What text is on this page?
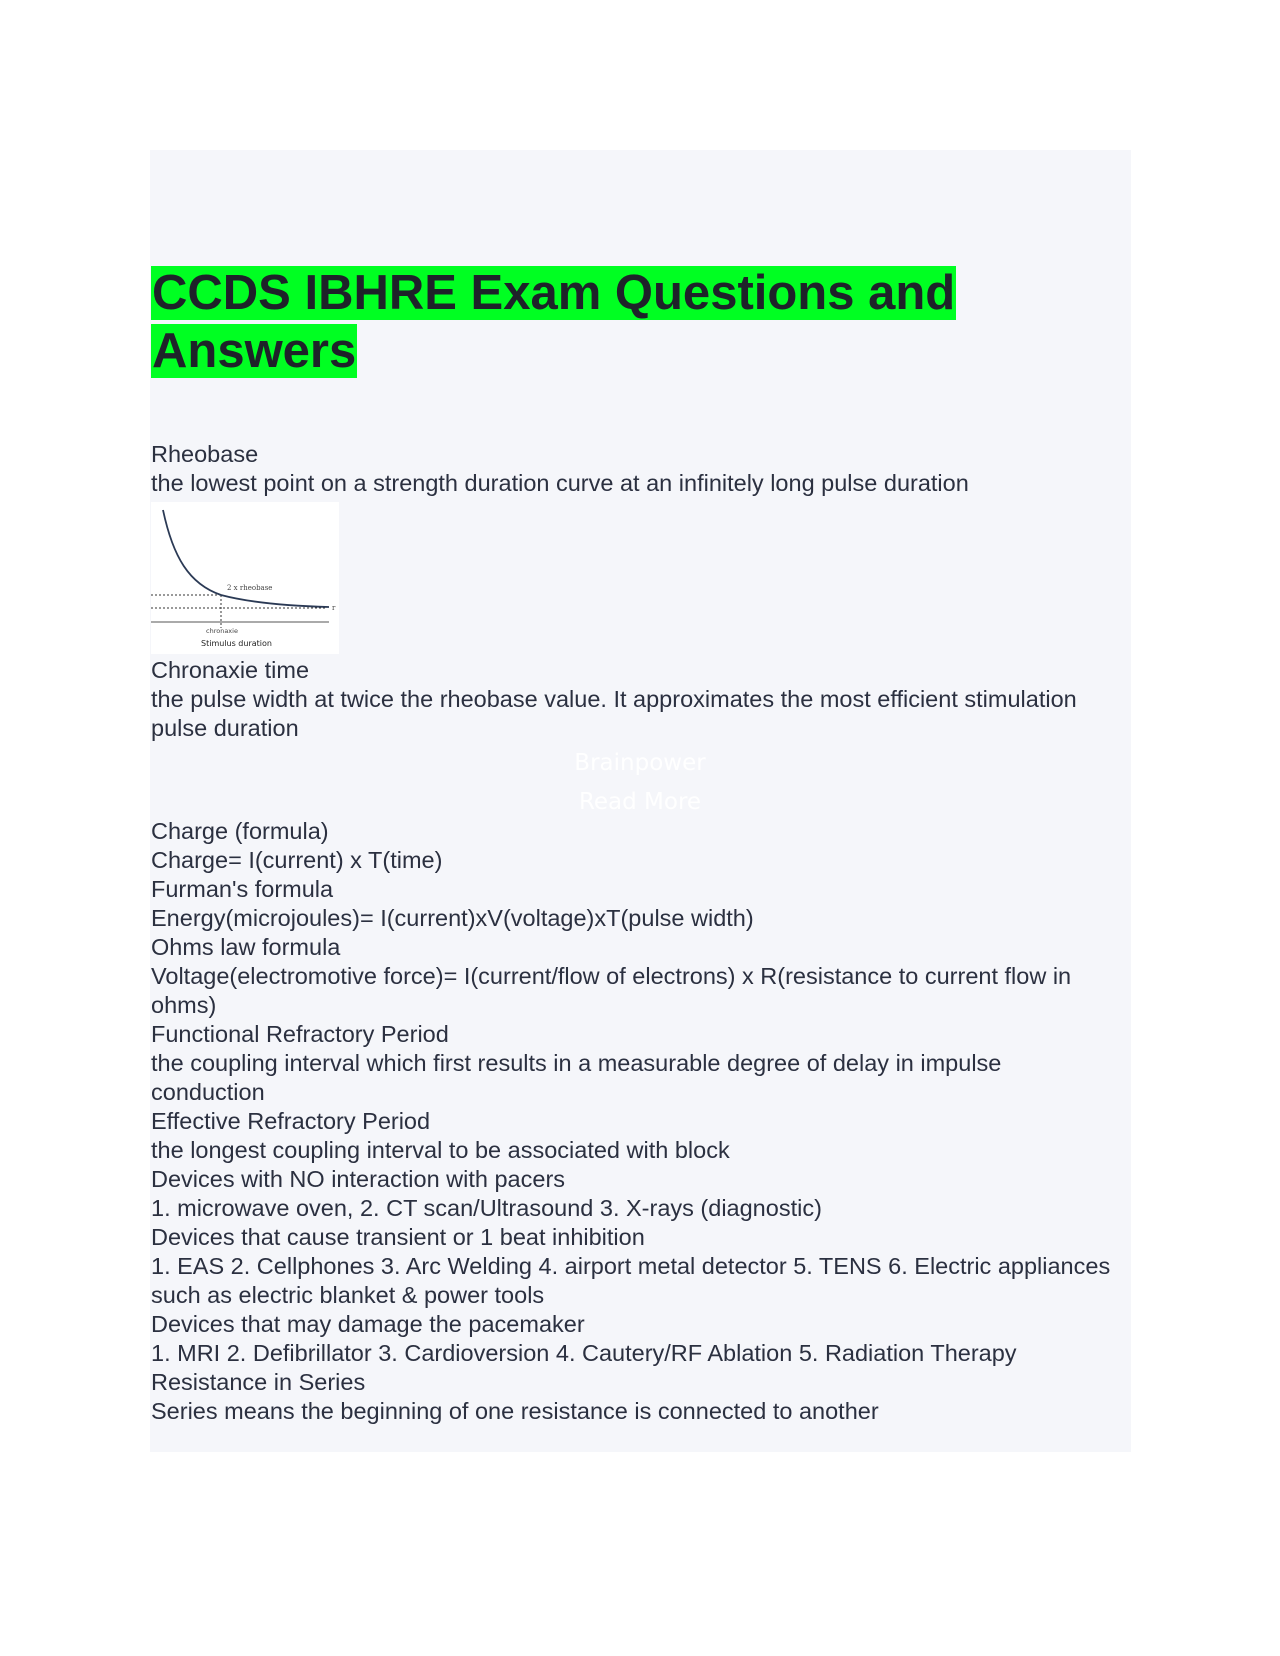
CCDS IBHRE Exam Questions and Answers

Rheobase

the lowest point on a strength duration curve at an infinitely long pulse duration

2 x rheobase
r
chronaxie
Stimulus duration

Chronaxie time

the pulse width at twice the rheobase value. It approximates the most efficient stimulation pulse duration

Brainpower
Read More

Charge (formula)

Charge= I(current) x T(time)

Furman's formula

Energy(microjoules)= I(current)xV(voltage)xT(pulse width)

Ohms law formula

Voltage(electromotive force)= I(current/flow of electrons) x R(resistance to current flow in ohms)

Functional Refractory Period

the coupling interval which first results in a measurable degree of delay in impulse conduction

Effective Refractory Period

the longest coupling interval to be associated with block

Devices with NO interaction with pacers

1. microwave oven, 2. CT scan/Ultrasound 3. X-rays (diagnostic)

Devices that cause transient or 1 beat inhibition

1. EAS 2. Cellphones 3. Arc Welding 4. airport metal detector 5. TENS 6. Electric appliances such as electric blanket & power tools

Devices that may damage the pacemaker

1. MRI 2. Defibrillator 3. Cardioversion 4. Cautery/RF Ablation 5. Radiation Therapy

Resistance in Series

Series means the beginning of one resistance is connected to another
